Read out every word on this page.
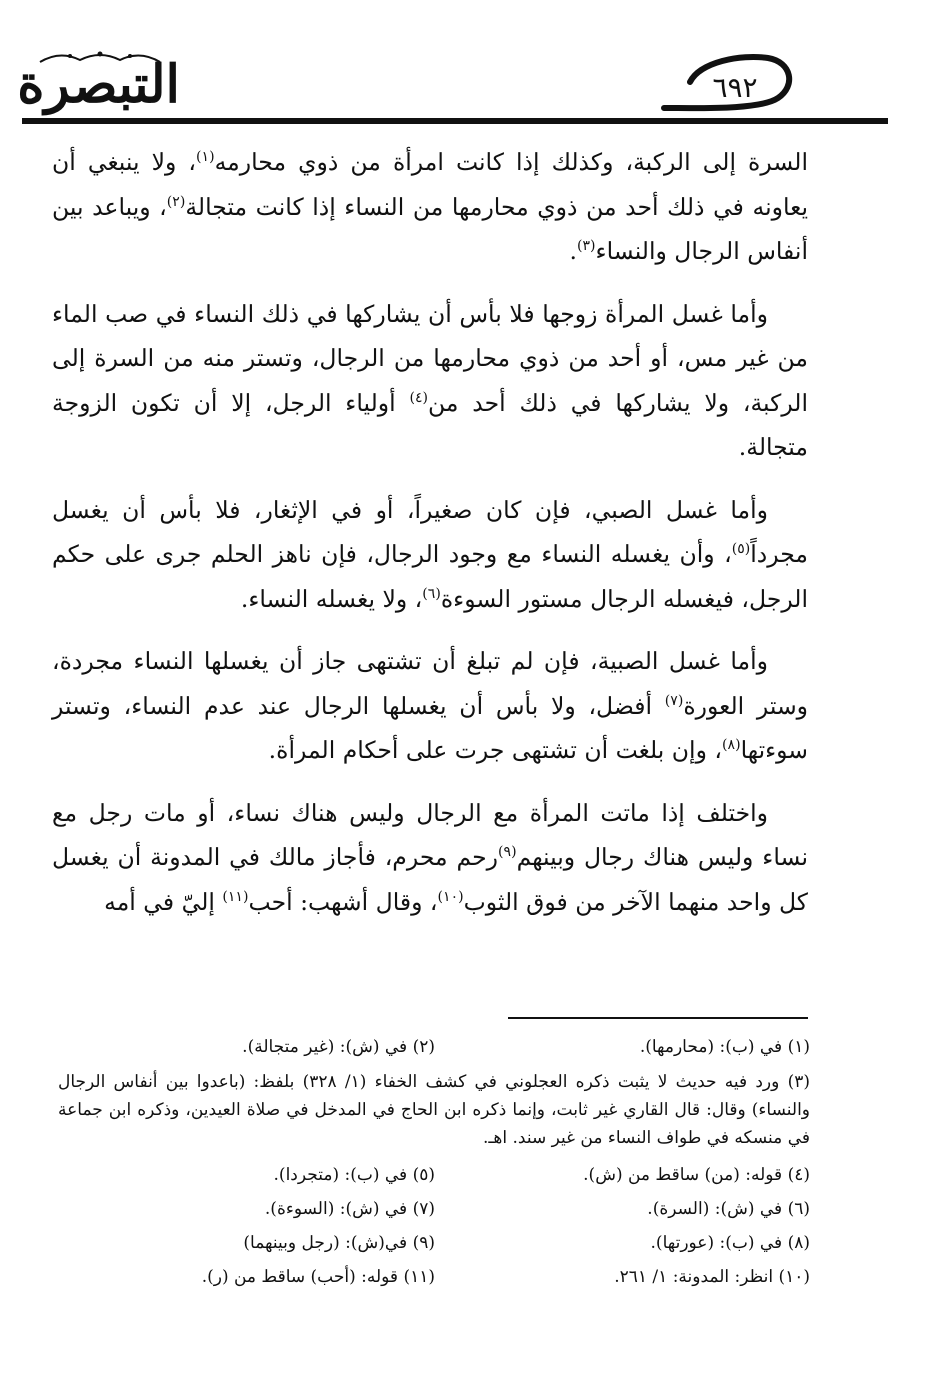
التبصرة	٦٩٢

السرة إلى الركبة، وكذلك إذا كانت امرأة من ذوي محارمه$^{(١)}$، ولا ينبغي أن يعاونه في ذلك أحد من ذوي محارمها من النساء إذا كانت متجالة$^{(٢)}$، ويباعد بين أنفاس الرجال والنساء$^{(٣)}$.

وأما غسل المرأة زوجها فلا بأس أن يشاركها في ذلك النساء في صب الماء من غير مس، أو أحد من ذوي محارمها من الرجال، وتستر منه من السرة إلى الركبة، ولا يشاركها في ذلك أحد من$^{(٤)}$ أولياء الرجل، إلا أن تكون الزوجة متجالة.

وأما غسل الصبي، فإن كان صغيراً، أو في الإثغار، فلا بأس أن يغسل مجرداً$^{(٥)}$، وأن يغسله النساء مع وجود الرجال، فإن ناهز الحلم جرى على حكم الرجل، فيغسله الرجال مستور السوءة$^{(٦)}$، ولا يغسله النساء.

وأما غسل الصبية، فإن لم تبلغ أن تشتهى جاز أن يغسلها النساء مجردة، وستر العورة$^{(٧)}$ أفضل، ولا بأس أن يغسلها الرجال عند عدم النساء، وتستر سوءتها$^{(٨)}$، وإن بلغت أن تشتهى جرت على أحكام المرأة.

واختلف إذا ماتت المرأة مع الرجال وليس هناك نساء، أو مات رجل مع نساء وليس هناك رجال وبينهم$^{(٩)}$رحم محرم، فأجاز مالك في المدونة أن يغسل كل واحد منهما الآخر من فوق الثوب$^{(١٠)}$، وقال أشهب: أحب$^{(١١)}$ إليّ في أمه

(١) في (ب): (محارمها).
(٢) في (ش): (غير متجالة).
(٣) ورد فيه حديث لا يثبت ذكره العجلوني في كشف الخفاء (١/ ٣٢٨) بلفظ: (باعدوا بين أنفاس الرجال والنساء) وقال: قال القاري غير ثابت، وإنما ذكره ابن الحاج في المدخل في صلاة العيدين، وذكره ابن جماعة في منسكه في طواف النساء من غير سند. اهـ.
(٤) قوله: (من) ساقط من (ش).
(٥) في (ب): (متجردا).
(٦) في (ش): (السرة).
(٧) في (ش): (السوءة).
(٨) في (ب): (عورتها).
(٩) في(ش): (رجل وبينهما)
(١٠) انظر: المدونة: ١/ ٢٦١.
(١١) قوله: (أحب) ساقط من (ر).
